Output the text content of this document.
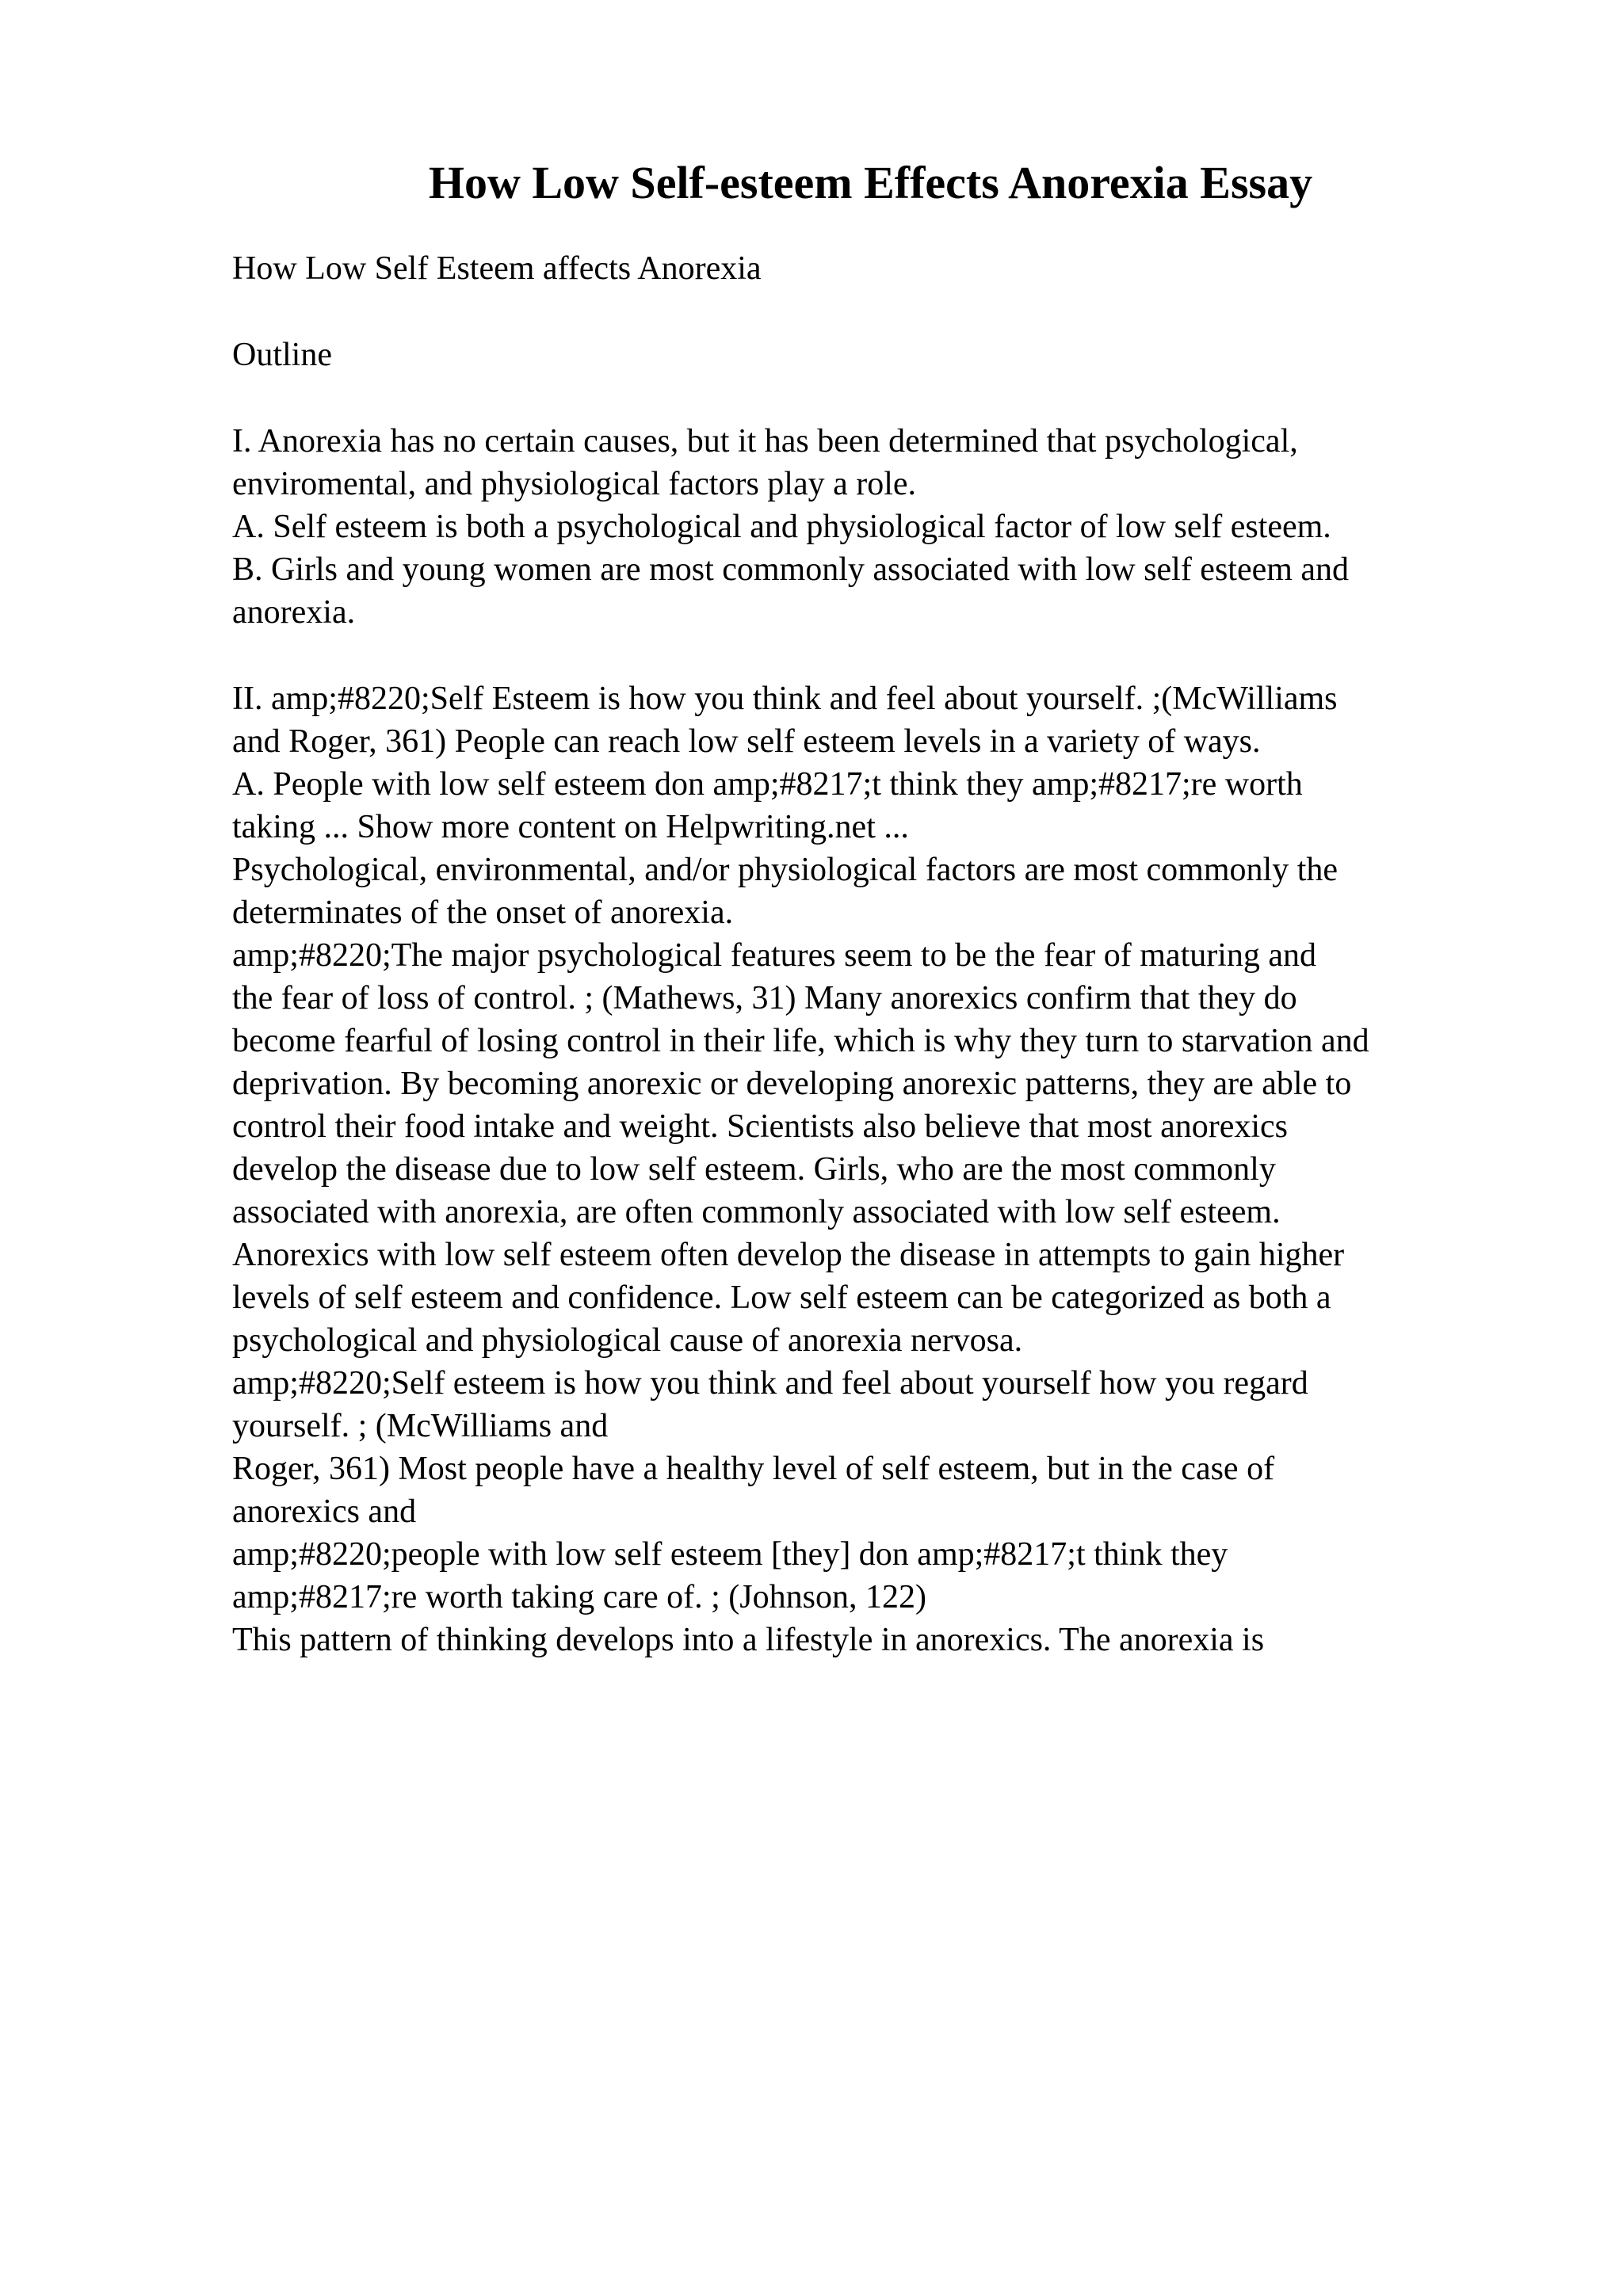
How Low Self-esteem Effects Anorexia Essay
How Low Self Esteem affects Anorexia
Outline
I. Anorexia has no certain causes, but it has been determined that psychological,
enviromental, and physiological factors play a role.
A. Self esteem is both a psychological and physiological factor of low self esteem.
B. Girls and young women are most commonly associated with low self esteem and
anorexia.
II. amp;#8220;Self Esteem is how you think and feel about yourself. ;(McWilliams
and Roger, 361) People can reach low self esteem levels in a variety of ways.
A. People with low self esteem don amp;#8217;t think they amp;#8217;re worth
taking ... Show more content on Helpwriting.net ...
Psychological, environmental, and/or physiological factors are most commonly the
determinates of the onset of anorexia.
amp;#8220;The major psychological features seem to be the fear of maturing and
the fear of loss of control. ; (Mathews, 31) Many anorexics confirm that they do
become fearful of losing control in their life, which is why they turn to starvation and
deprivation. By becoming anorexic or developing anorexic patterns, they are able to
control their food intake and weight. Scientists also believe that most anorexics
develop the disease due to low self esteem. Girls, who are the most commonly
associated with anorexia, are often commonly associated with low self esteem.
Anorexics with low self esteem often develop the disease in attempts to gain higher
levels of self esteem and confidence. Low self esteem can be categorized as both a
psychological and physiological cause of anorexia nervosa.
amp;#8220;Self esteem is how you think and feel about yourself how you regard
yourself. ; (McWilliams and
Roger, 361) Most people have a healthy level of self esteem, but in the case of
anorexics and
amp;#8220;people with low self esteem [they] don amp;#8217;t think they
amp;#8217;re worth taking care of. ; (Johnson, 122)
This pattern of thinking develops into a lifestyle in anorexics. The anorexia is
